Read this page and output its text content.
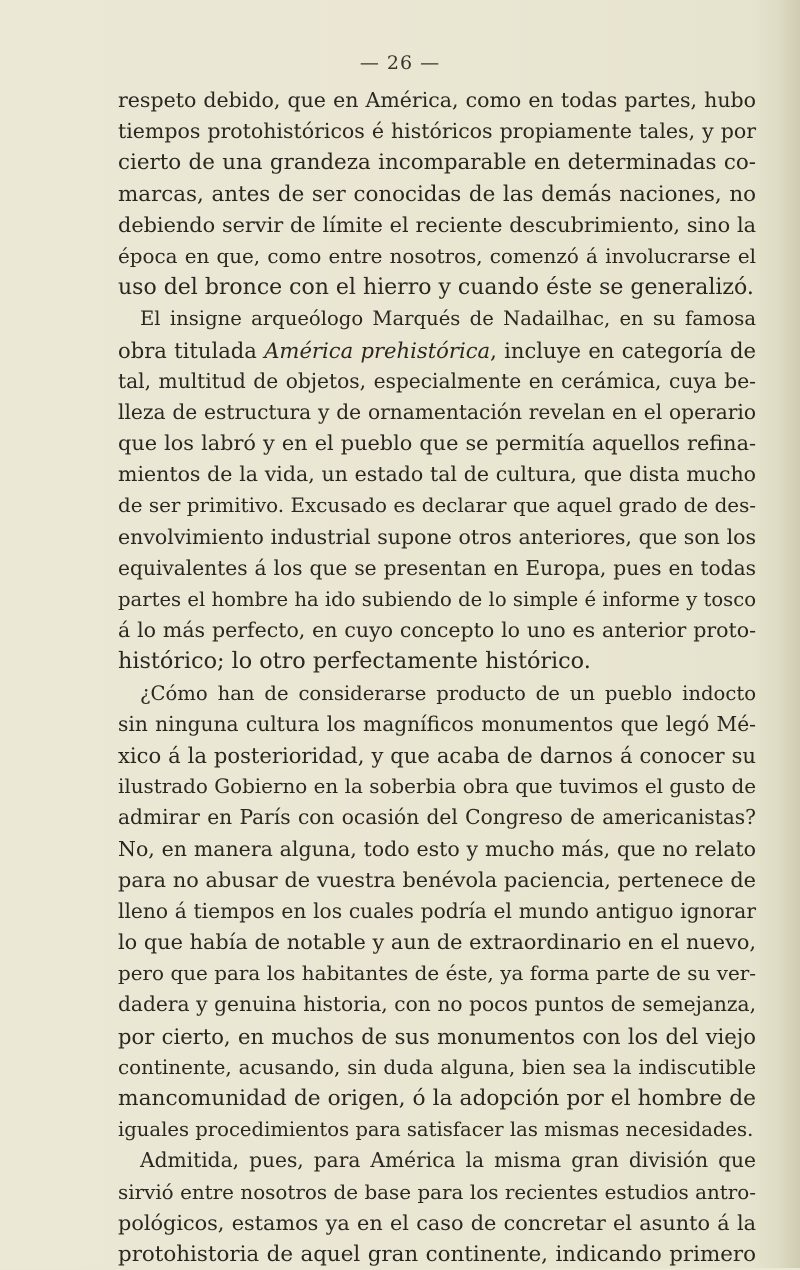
— 26 —
respeto debido, que en América, como en todas partes, hubo
tiempos protohistóricos é históricos propiamente tales, y por
cierto de una grandeza incomparable en determinadas co-
marcas, antes de ser conocidas de las demás naciones, no
debiendo servir de límite el reciente descubrimiento, sino la
época en que, como entre nosotros, comenzó á involucrarse el
uso del bronce con el hierro y cuando éste se generalizó.
El insigne arqueólogo Marqués de Nadailhac, en su famosa
obra titulada América prehistórica, incluye en categoría de
tal, multitud de objetos, especialmente en cerámica, cuya be-
lleza de estructura y de ornamentación revelan en el operario
que los labró y en el pueblo que se permitía aquellos refina-
mientos de la vida, un estado tal de cultura, que dista mucho
de ser primitivo. Excusado es declarar que aquel grado de des-
envolvimiento industrial supone otros anteriores, que son los
equivalentes á los que se presentan en Europa, pues en todas
partes el hombre ha ido subiendo de lo simple é informe y tosco
á lo más perfecto, en cuyo concepto lo uno es anterior proto-
histórico; lo otro perfectamente histórico.
¿Cómo han de considerarse producto de un pueblo indocto
sin ninguna cultura los magníficos monumentos que legó Mé-
xico á la posterioridad, y que acaba de darnos á conocer su
ilustrado Gobierno en la soberbia obra que tuvimos el gusto de
admirar en París con ocasión del Congreso de americanistas?
No, en manera alguna, todo esto y mucho más, que no relato
para no abusar de vuestra benévola paciencia, pertenece de
lleno á tiempos en los cuales podría el mundo antiguo ignorar
lo que había de notable y aun de extraordinario en el nuevo,
pero que para los habitantes de éste, ya forma parte de su ver-
dadera y genuina historia, con no pocos puntos de semejanza,
por cierto, en muchos de sus monumentos con los del viejo
continente, acusando, sin duda alguna, bien sea la indiscutible
mancomunidad de origen, ó la adopción por el hombre de
iguales procedimientos para satisfacer las mismas necesidades.
Admitida, pues, para América la misma gran división que
sirvió entre nosotros de base para los recientes estudios antro-
pológicos, estamos ya en el caso de concretar el asunto á la
protohistoria de aquel gran continente, indicando primero
